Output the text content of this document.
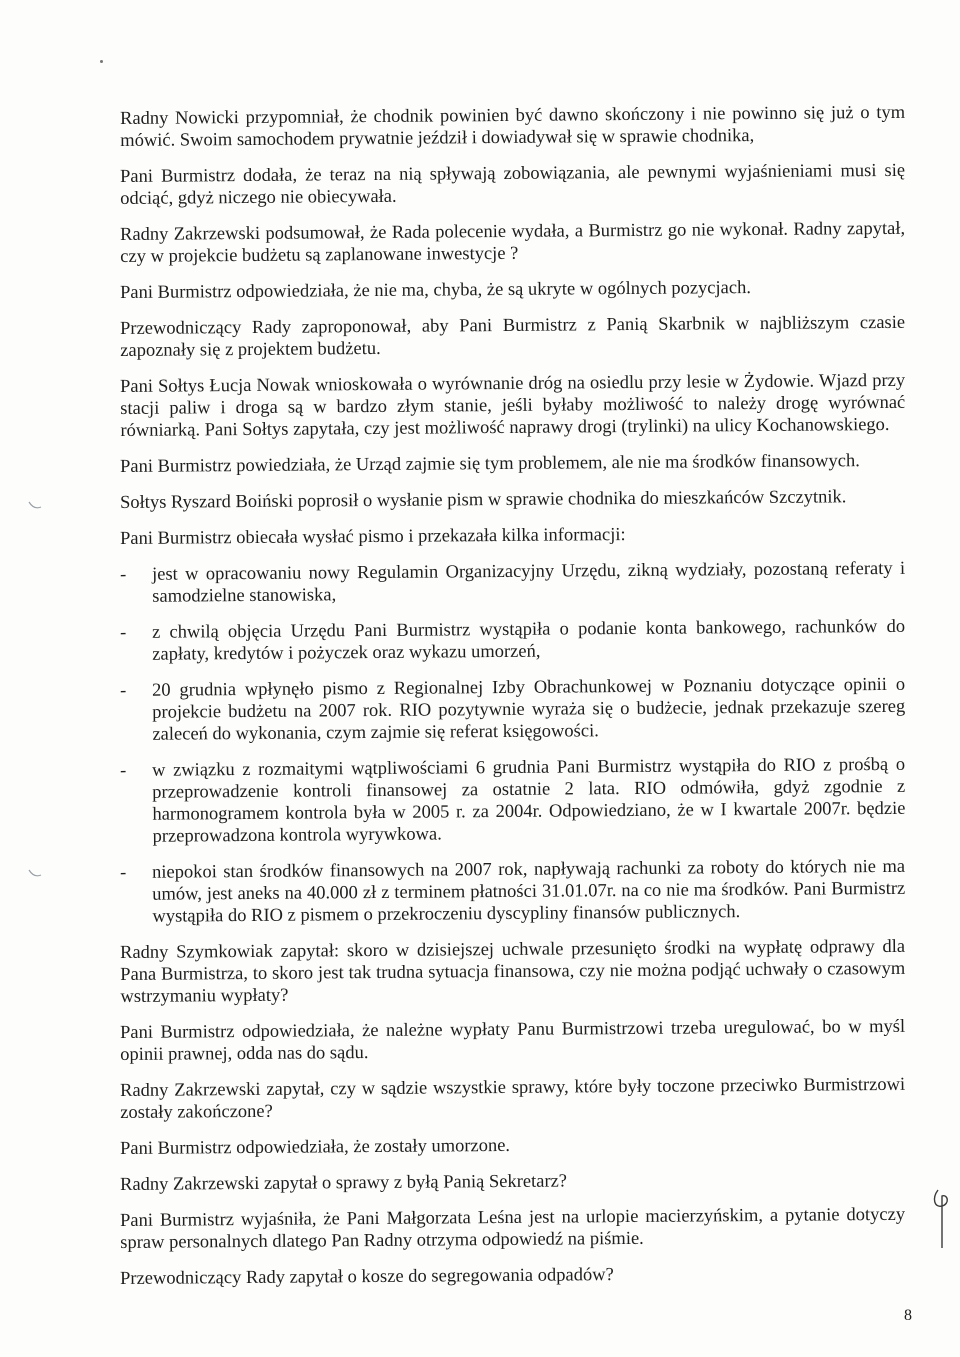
Radny Nowicki przypomniał, że chodnik powinien być dawno skończony i nie powinno się już o tym mówić. Swoim samochodem prywatnie jeździł i dowiadywał się w sprawie chodnika,

Pani Burmistrz dodała, że teraz na nią spływają zobowiązania, ale pewnymi wyjaśnieniami musi się odciąć, gdyż niczego nie obiecywała.

Radny Zakrzewski podsumował, że Rada polecenie wydała, a Burmistrz go nie wykonał. Radny zapytał, czy w projekcie budżetu są zaplanowane inwestycje ?

Pani Burmistrz odpowiedziała, że nie ma, chyba, że są ukryte w ogólnych pozycjach.

Przewodniczący Rady zaproponował, aby Pani Burmistrz z Panią Skarbnik w najbliższym czasie zapoznały się z projektem budżetu.

Pani Sołtys Łucja Nowak wnioskowała o wyrównanie dróg na osiedlu przy lesie w Żydowie. Wjazd przy stacji paliw i droga są w bardzo złym stanie, jeśli byłaby możliwość to należy drogę wyrównać równiarką. Pani Sołtys zapytała, czy jest możliwość naprawy drogi (trylinki) na ulicy Kochanowskiego.

Pani Burmistrz powiedziała, że Urząd zajmie się tym problemem, ale nie ma środków finansowych.

Sołtys Ryszard Boiński poprosił o wysłanie pism w sprawie chodnika do mieszkańców Szczytnik.

Pani Burmistrz obiecała wysłać pismo i przekazała kilka informacji:

- jest w opracowaniu nowy Regulamin Organizacyjny Urzędu, zikną wydziały, pozostaną referaty i samodzielne stanowiska,
- z chwilą objęcia Urzędu Pani Burmistrz wystąpiła o podanie konta bankowego, rachunków do zapłaty, kredytów i pożyczek oraz wykazu umorzeń,
- 20 grudnia wpłynęło pismo z Regionalnej Izby Obrachunkowej w Poznaniu dotyczące opinii o projekcie budżetu na 2007 rok. RIO pozytywnie wyraża się o budżecie, jednak przekazuje szereg zaleceń do wykonania, czym zajmie się referat księgowości.
- w związku z rozmaitymi wątpliwościami 6 grudnia Pani Burmistrz wystąpiła do RIO z prośbą o przeprowadzenie kontroli finansowej za ostatnie 2 lata. RIO odmówiła, gdyż zgodnie z harmonogramem kontrola była w 2005 r. za 2004r. Odpowiedziano, że w I kwartale 2007r. będzie przeprowadzona kontrola wyrywkowa.
- niepokoi stan środków finansowych na 2007 rok, napływają rachunki za roboty do których nie ma umów, jest aneks na 40.000 zł z terminem płatności 31.01.07r. na co nie ma środków. Pani Burmistrz wystąpiła do RIO z pismem o przekroczeniu dyscypliny finansów publicznych.

Radny Szymkowiak zapytał: skoro w dzisiejszej uchwale przesunięto środki na wypłatę odprawy dla Pana Burmistrza, to skoro jest tak trudna sytuacja finansowa, czy nie można podjąć uchwały o czasowym wstrzymaniu wypłaty?

Pani Burmistrz odpowiedziała, że należne wypłaty Panu Burmistrzowi trzeba uregulować, bo w myśl opinii prawnej, odda nas do sądu.

Radny Zakrzewski zapytał, czy w sądzie wszystkie sprawy, które były toczone przeciwko Burmistrzowi zostały zakończone?

Pani Burmistrz odpowiedziała, że zostały umorzone.

Radny Zakrzewski zapytał o sprawy z byłą Panią Sekretarz?

Pani Burmistrz wyjaśniła, że Pani Małgorzata Leśna jest na urlopie macierzyńskim, a pytanie dotyczy spraw personalnych dlatego Pan Radny otrzyma odpowiedź na piśmie.

Przewodniczący Rady zapytał o kosze do segregowania odpadów?

8
